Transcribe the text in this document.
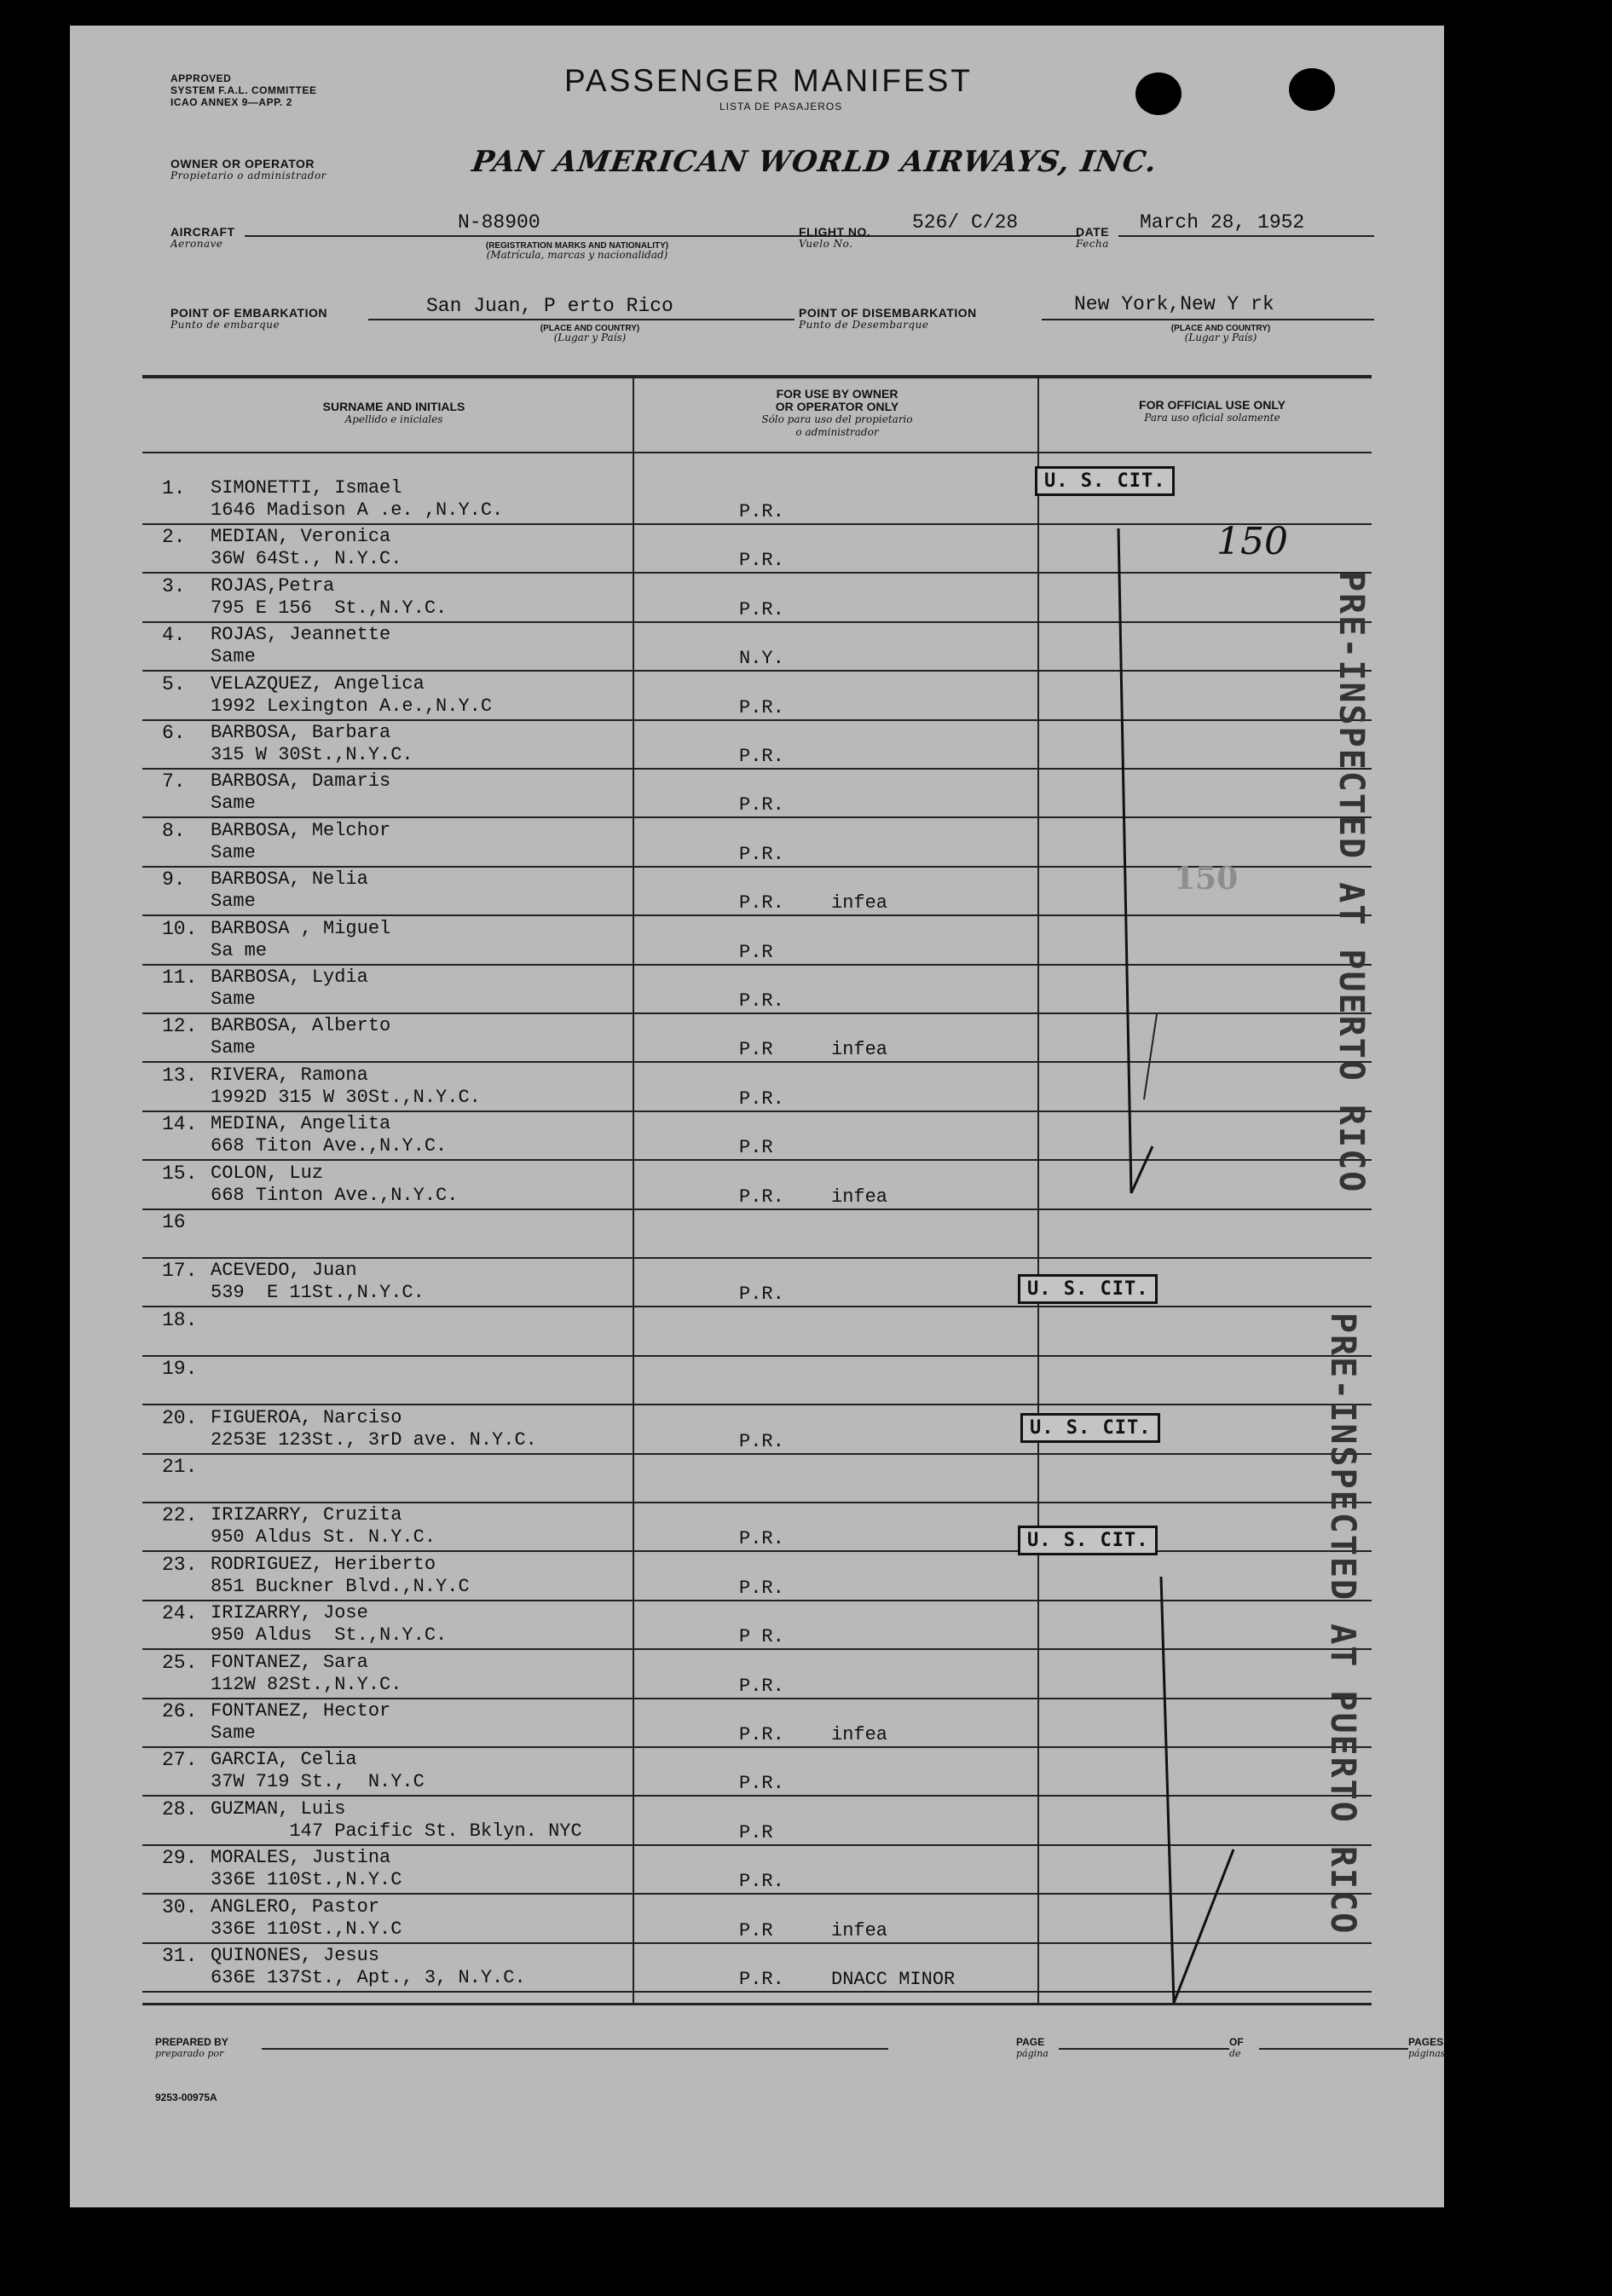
APPROVED
SYSTEM F.A.L. COMMITTEE
ICAO ANNEX 9—APP. 2
PASSENGER MANIFEST
LISTA DE PASAJEROS
OWNER OR OPERATOR
Propietario o administrador	PAN AMERICAN WORLD AIRWAYS, INC.
AIRCRAFT
Aeronave
N-88900
(REGISTRATION MARKS AND NATIONALITY)
(Matrícula, marcas y nacionalidad)
FLIGHT NO.
Vuelo No.
526/ C/28	DATE
Fecha
March 28, 1952
POINT OF EMBARKATION
Punto de embarque
San Juan, P erto Rico
(PLACE AND COUNTRY)
(Lugar y País)
POINT OF DISEMBARKATION
Punto de Desembarque
New York,New Y rk
(PLACE AND COUNTRY)
(Lugar y País)
SURNAME AND INITIALS
Apellido e iniciales
FOR USE BY OWNER
OR OPERATOR ONLY
Sólo para uso del propietario
o administrador
FOR OFFICIAL USE ONLY
Para uso oficial solamente
1. SIMONETTI, Ismael
1646 Madison A .e. ,N.Y.C.	P.R.
2. MEDIAN, Veronica
36W 64St., N.Y.C.	P.R.
3. ROJAS,Petra
795 E 156  St.,N.Y.C.	P.R.
4. ROJAS, Jeannette
Same	N.Y.
5. VELAZQUEZ, Angelica
1992 Lexington A.e.,N.Y.C	P.R.
6. BARBOSA, Barbara
315 W 30St.,N.Y.C.	P.R.
7. BARBOSA, Damaris
Same	P.R.
8. BARBOSA, Melchor
Same	P.R.
9. BARBOSA, Nelia
Same	P.R.	infea
10. BARBOSA , Miguel
Sa me	P.R
11. BARBOSA, Lydia
Same	P.R.
12. BARBOSA, Alberto
Same	P.R	infea
13. RIVERA, Ramona
1992D 315 W 30St.,N.Y.C.	P.R.
14. MEDINA, Angelita
668 Titon Ave.,N.Y.C.	P.R
15. COLON, Luz
668 Tinton Ave.,N.Y.C.	P.R.	infea
16
17. ACEVEDO, Juan
539  E 11St.,N.Y.C.	P.R.
18.
19.
20. FIGUEROA, Narciso
2253E 123St., 3rD ave. N.Y.C.	P.R.
21.
22. IRIZARRY, Cruzita
950 Aldus St. N.Y.C.	P.R.
23. RODRIGUEZ, Heriberto
851 Buckner Blvd.,N.Y.C	P.R.
24. IRIZARRY, Jose
950 Aldus  St.,N.Y.C.	P R.
25. FONTANEZ, Sara
112W 82St.,N.Y.C.	P.R.
26. FONTANEZ, Hector
Same	P.R.	infea
27. GARCIA, Celia
37W 719 St.,  N.Y.C	P.R.
28. GUZMAN, Luis
147 Pacific St. Bklyn. NYC	P.R
29. MORALES, Justina
336E 110St.,N.Y.C	P.R.
30. ANGLERO, Pastor
336E 110St.,N.Y.C	P.R	infea
31. QUINONES, Jesus
636E 137St., Apt., 3, N.Y.C.	P.R.	DNACC MINOR
U. S. CIT.
U. S. CIT.
U. S. CIT.
U. S. CIT.
PRE-INSPECTED AT PUERTO RICO
PRE-INSPECTED AT PUERTO RICO
150
150
PREPARED BY
preparado por
PAGE
página
OF
de
PAGES
páginas
9253-00975A
